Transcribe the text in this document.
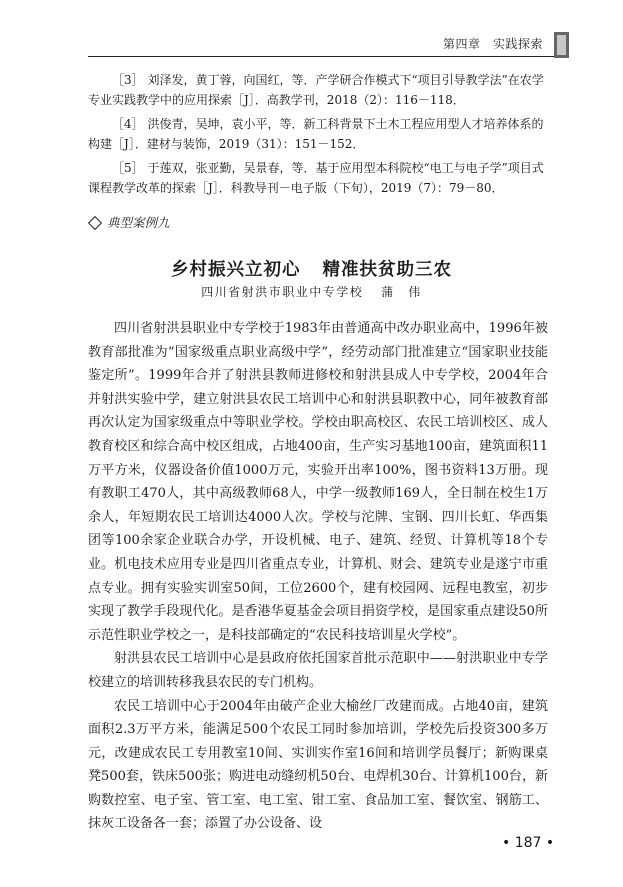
第四章　实践探索

［3］ 刘泽发，黄丁蓉，向国红，等．产学研合作模式下“项目引导教学法”在农学专业实践教学中的应用探索［J］．高教学刊，2018（2）：116－118．

［4］ 洪俊青，吴坤，袁小平，等．新工科背景下土木工程应用型人才培养体系的构建［J］．建材与装饰，2019（31）：151－152．

［5］ 于莲双，张亚勤，吴景春，等．基于应用型本科院校“电工与电子学”项目式课程教学改革的探索［J］．科教导刊－电子版（下旬），2019（7）：79－80．

典型案例九
乡村振兴立初心 精准扶贫助三农
四川省射洪市职业中专学校 蒲　伟

四川省射洪县职业中专学校于1983年由普通高中改办职业高中，1996年被教育部批准为“国家级重点职业高级中学”，经劳动部门批准建立“国家职业技能鉴定所”。1999年合并了射洪县教师进修校和射洪县成人中专学校，2004年合并射洪实验中学，建立射洪县农民工培训中心和射洪县职教中心，同年被教育部再次认定为国家级重点中等职业学校。学校由职高校区、农民工培训校区、成人教育校区和综合高中校区组成，占地400亩，生产实习基地100亩，建筑面积11万平方米，仪器设备价值1000万元，实验开出率100%，图书资料13万册。现有教职工470人，其中高级教师68人，中学一级教师169人，全日制在校生1万余人，年短期农民工培训达4000人次。学校与沱牌、宝钢、四川长虹、华西集团等100余家企业联合办学，开设机械、电子、建筑、经贸、计算机等18个专业。机电技术应用专业是四川省重点专业，计算机、财会、建筑专业是遂宁市重点专业。拥有实验实训室50间，工位2600个，建有校园网、远程电教室，初步实现了教学手段现代化。是香港华夏基金会项目捐资学校，是国家重点建设50所示范性职业学校之一，是科技部确定的“农民科技培训星火学校”。

射洪县农民工培训中心是县政府依托国家首批示范职中——射洪职业中专学校建立的培训转移我县农民的专门机构。

农民工培训中心于2004年由破产企业大榆丝厂改建而成。占地40亩，建筑面积2.3万平方米，能满足500个农民工同时参加培训，学校先后投资300多万元，改建成农民工专用教室10间、实训实作室16间和培训学员餐厅；新购课桌凳500套，铁床500张；购进电动缝纫机50台、电焊机30台、计算机100台，新购数控室、电子室、管工室、电工室、钳工室、食品加工室、餐饮室、钢筋工、抹灰工设备各一套；添置了办公设备、设

• 187 •
